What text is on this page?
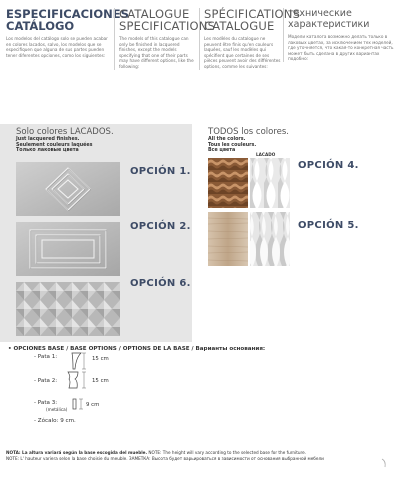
ESPECIFICACIONES
CATÁLOGO
Los modelos del catálogo solo se pueden acabar en colores lacados, salvo, los modelos que se especifiquen que alguna de sus partes pueden tener diferentes opciones, como los siguientes:
CATALOGUE
SPECIFICATIONS
The models of this catalogue can only be finished in lacquered finishes, except the models specifying that one of their parts may have different options, like the following:
SPÉCIFICATIONS
CATALOGUE
Les modèles du catalogue ne peuvent être finis qu'en couleurs laquées, sauf les modèles qui spécifient que certaines de ses pièces peuvent avoir des différentes options, comme les suivantes:
технические
характеристики
Модели каталога возможно делать только в лаковых цветах, за исключением тех моделей, где уточняется, что какая-то конкретная часть может быть сделана в других вариантах подобно:
Solo colores LACADOS.
Just lacquered finishes.
Seulement couleurs laquées
Только лаковые цвета
OPCIÓN 1.
OPCIÓN 2.
OPCIÓN 6.
TODOS los colores.
All the colors.
Tous les couleurs.
Все цвета
LACADO
OPCIÓN 4.
OPCIÓN 5.
• OPCIONES BASE / BASE OPTIONS / OPTIONS DE LA BASE / Варианты основания:
- Pata 1:	15 cm
- Pata 2:	15 cm
- Pata 3:
(metálica)
9 cm
- Zócalo: 9 cm.
NOTA: La altura variará según la base escogida del mueble. NOTE: The height will vary according to the selected base for the furniture.
NOTE: L' hauteur variera selon la base choisie du meuble. ЗАМЕТКА: Высота будет варьироваться в зависимости от основания выбранной мебели
